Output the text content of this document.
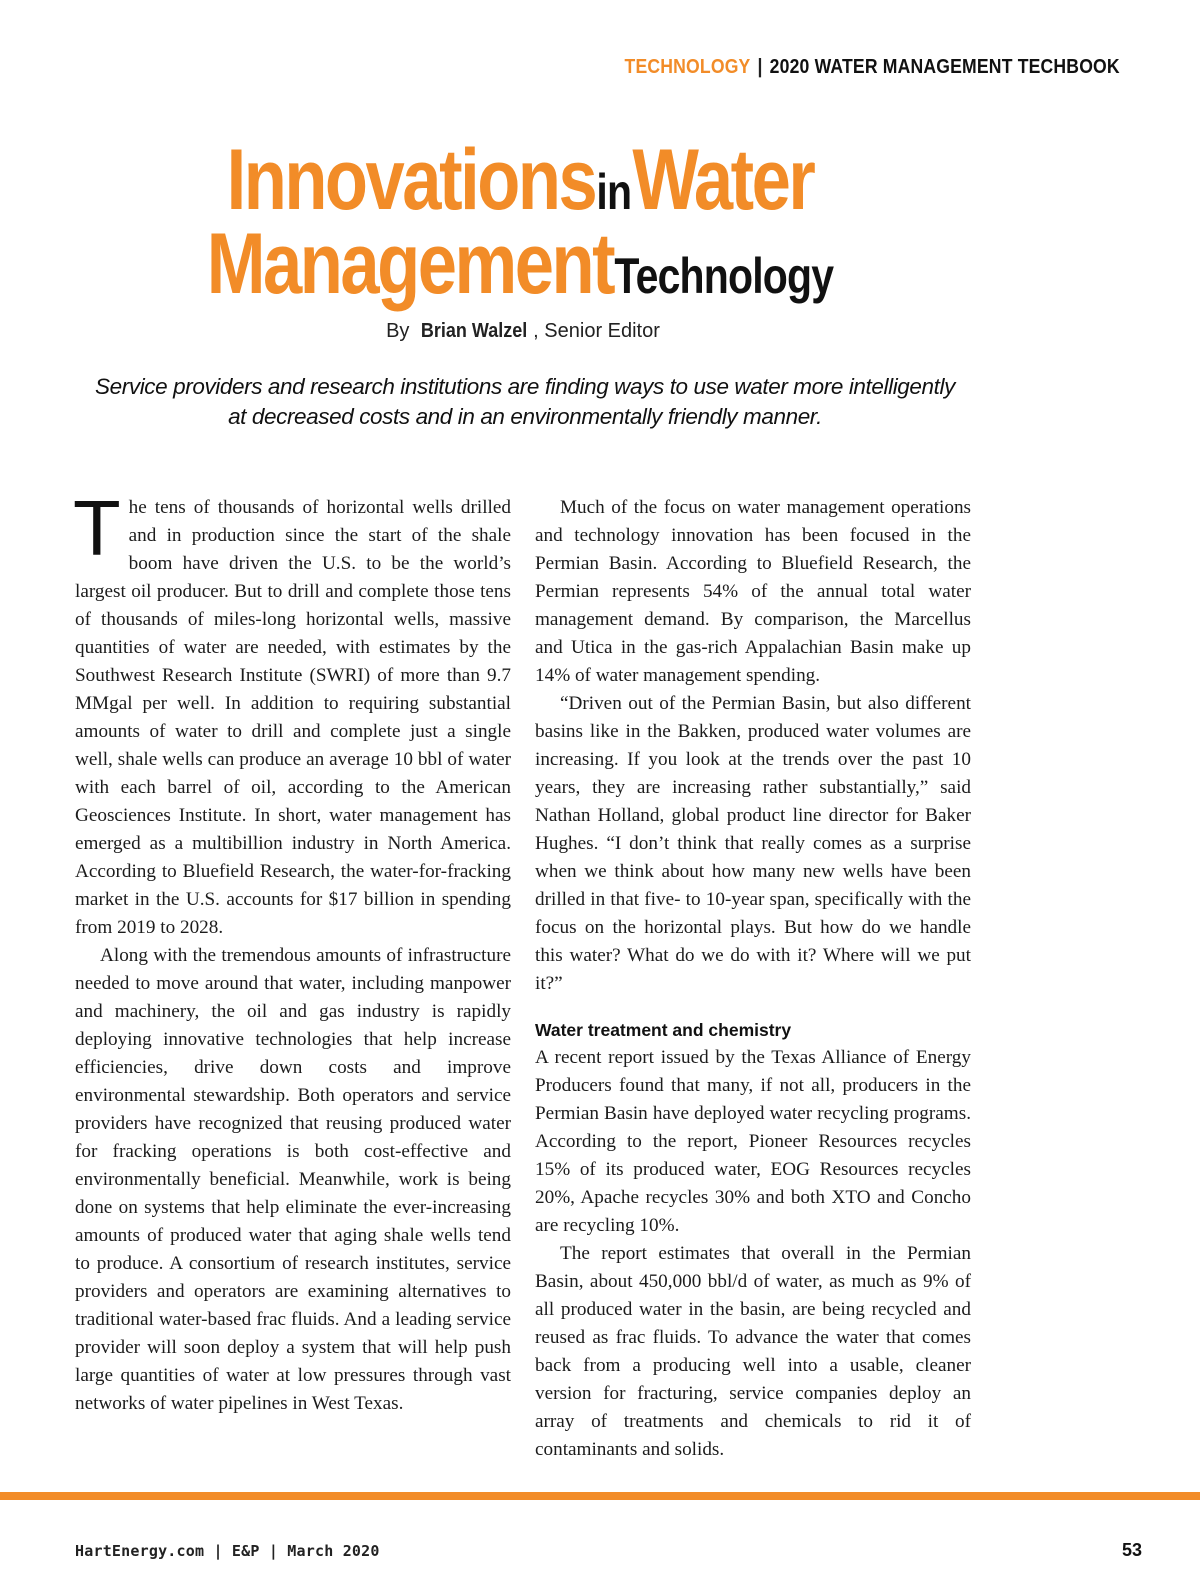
TECHNOLOGY | 2020 WATER MANAGEMENT TECHBOOK
Innovations in Water
Management Technology
By Brian Walzel , Senior Editor
Service providers and research institutions are finding ways to use water more intelligently at decreased costs and in an environmentally friendly manner.

The tens of thousands of horizontal wells drilled and in production since the start of the shale boom have driven the U.S. to be the world’s largest oil producer. But to drill and complete those tens of thousands of miles-long horizontal wells, massive quantities of water are needed, with estimates by the Southwest Research Institute (SWRI) of more than 9.7 MMgal per well. In addition to requiring substantial amounts of water to drill and complete just a single well, shale wells can produce an average 10 bbl of water with each barrel of oil, according to the American Geosciences Institute. In short, water management has emerged as a multibillion industry in North America. According to Bluefield Research, the water-for-fracking market in the U.S. accounts for $17 billion in spending from 2019 to 2028.

Along with the tremendous amounts of infrastructure needed to move around that water, including manpower and machinery, the oil and gas industry is rapidly deploying innovative technologies that help increase efficiencies, drive down costs and improve environmental stewardship. Both operators and service providers have recognized that reusing produced water for fracking operations is both cost-effective and environmentally beneficial. Meanwhile, work is being done on systems that help eliminate the ever-increasing amounts of produced water that aging shale wells tend to produce. A consortium of research institutes, service providers and operators are examining alternatives to traditional water-based frac fluids. And a leading service provider will soon deploy a system that will help push large quantities of water at low pressures through vast networks of water pipelines in West Texas.

Much of the focus on water management operations and technology innovation has been focused in the Permian Basin. According to Bluefield Research, the Permian represents 54% of the annual total water management demand. By comparison, the Marcellus and Utica in the gas-rich Appalachian Basin make up 14% of water management spending.

“Driven out of the Permian Basin, but also different basins like in the Bakken, produced water volumes are increasing. If you look at the trends over the past 10 years, they are increasing rather substantially,” said Nathan Holland, global product line director for Baker Hughes. “I don’t think that really comes as a surprise when we think about how many new wells have been drilled in that five- to 10-year span, specifically with the focus on the horizontal plays. But how do we handle this water? What do we do with it? Where will we put it?”

Water treatment and chemistry

A recent report issued by the Texas Alliance of Energy Producers found that many, if not all, producers in the Permian Basin have deployed water recycling programs. According to the report, Pioneer Resources recycles 15% of its produced water, EOG Resources recycles 20%, Apache recycles 30% and both XTO and Concho are recycling 10%.

The report estimates that overall in the Permian Basin, about 450,000 bbl/d of water, as much as 9% of all produced water in the basin, are being recycled and reused as frac fluids. To advance the water that comes back from a producing well into a usable, cleaner version for fracturing, service companies deploy an array of treatments and chemicals to rid it of contaminants and solids.

HartEnergy.com | E&P | March 2020	53
